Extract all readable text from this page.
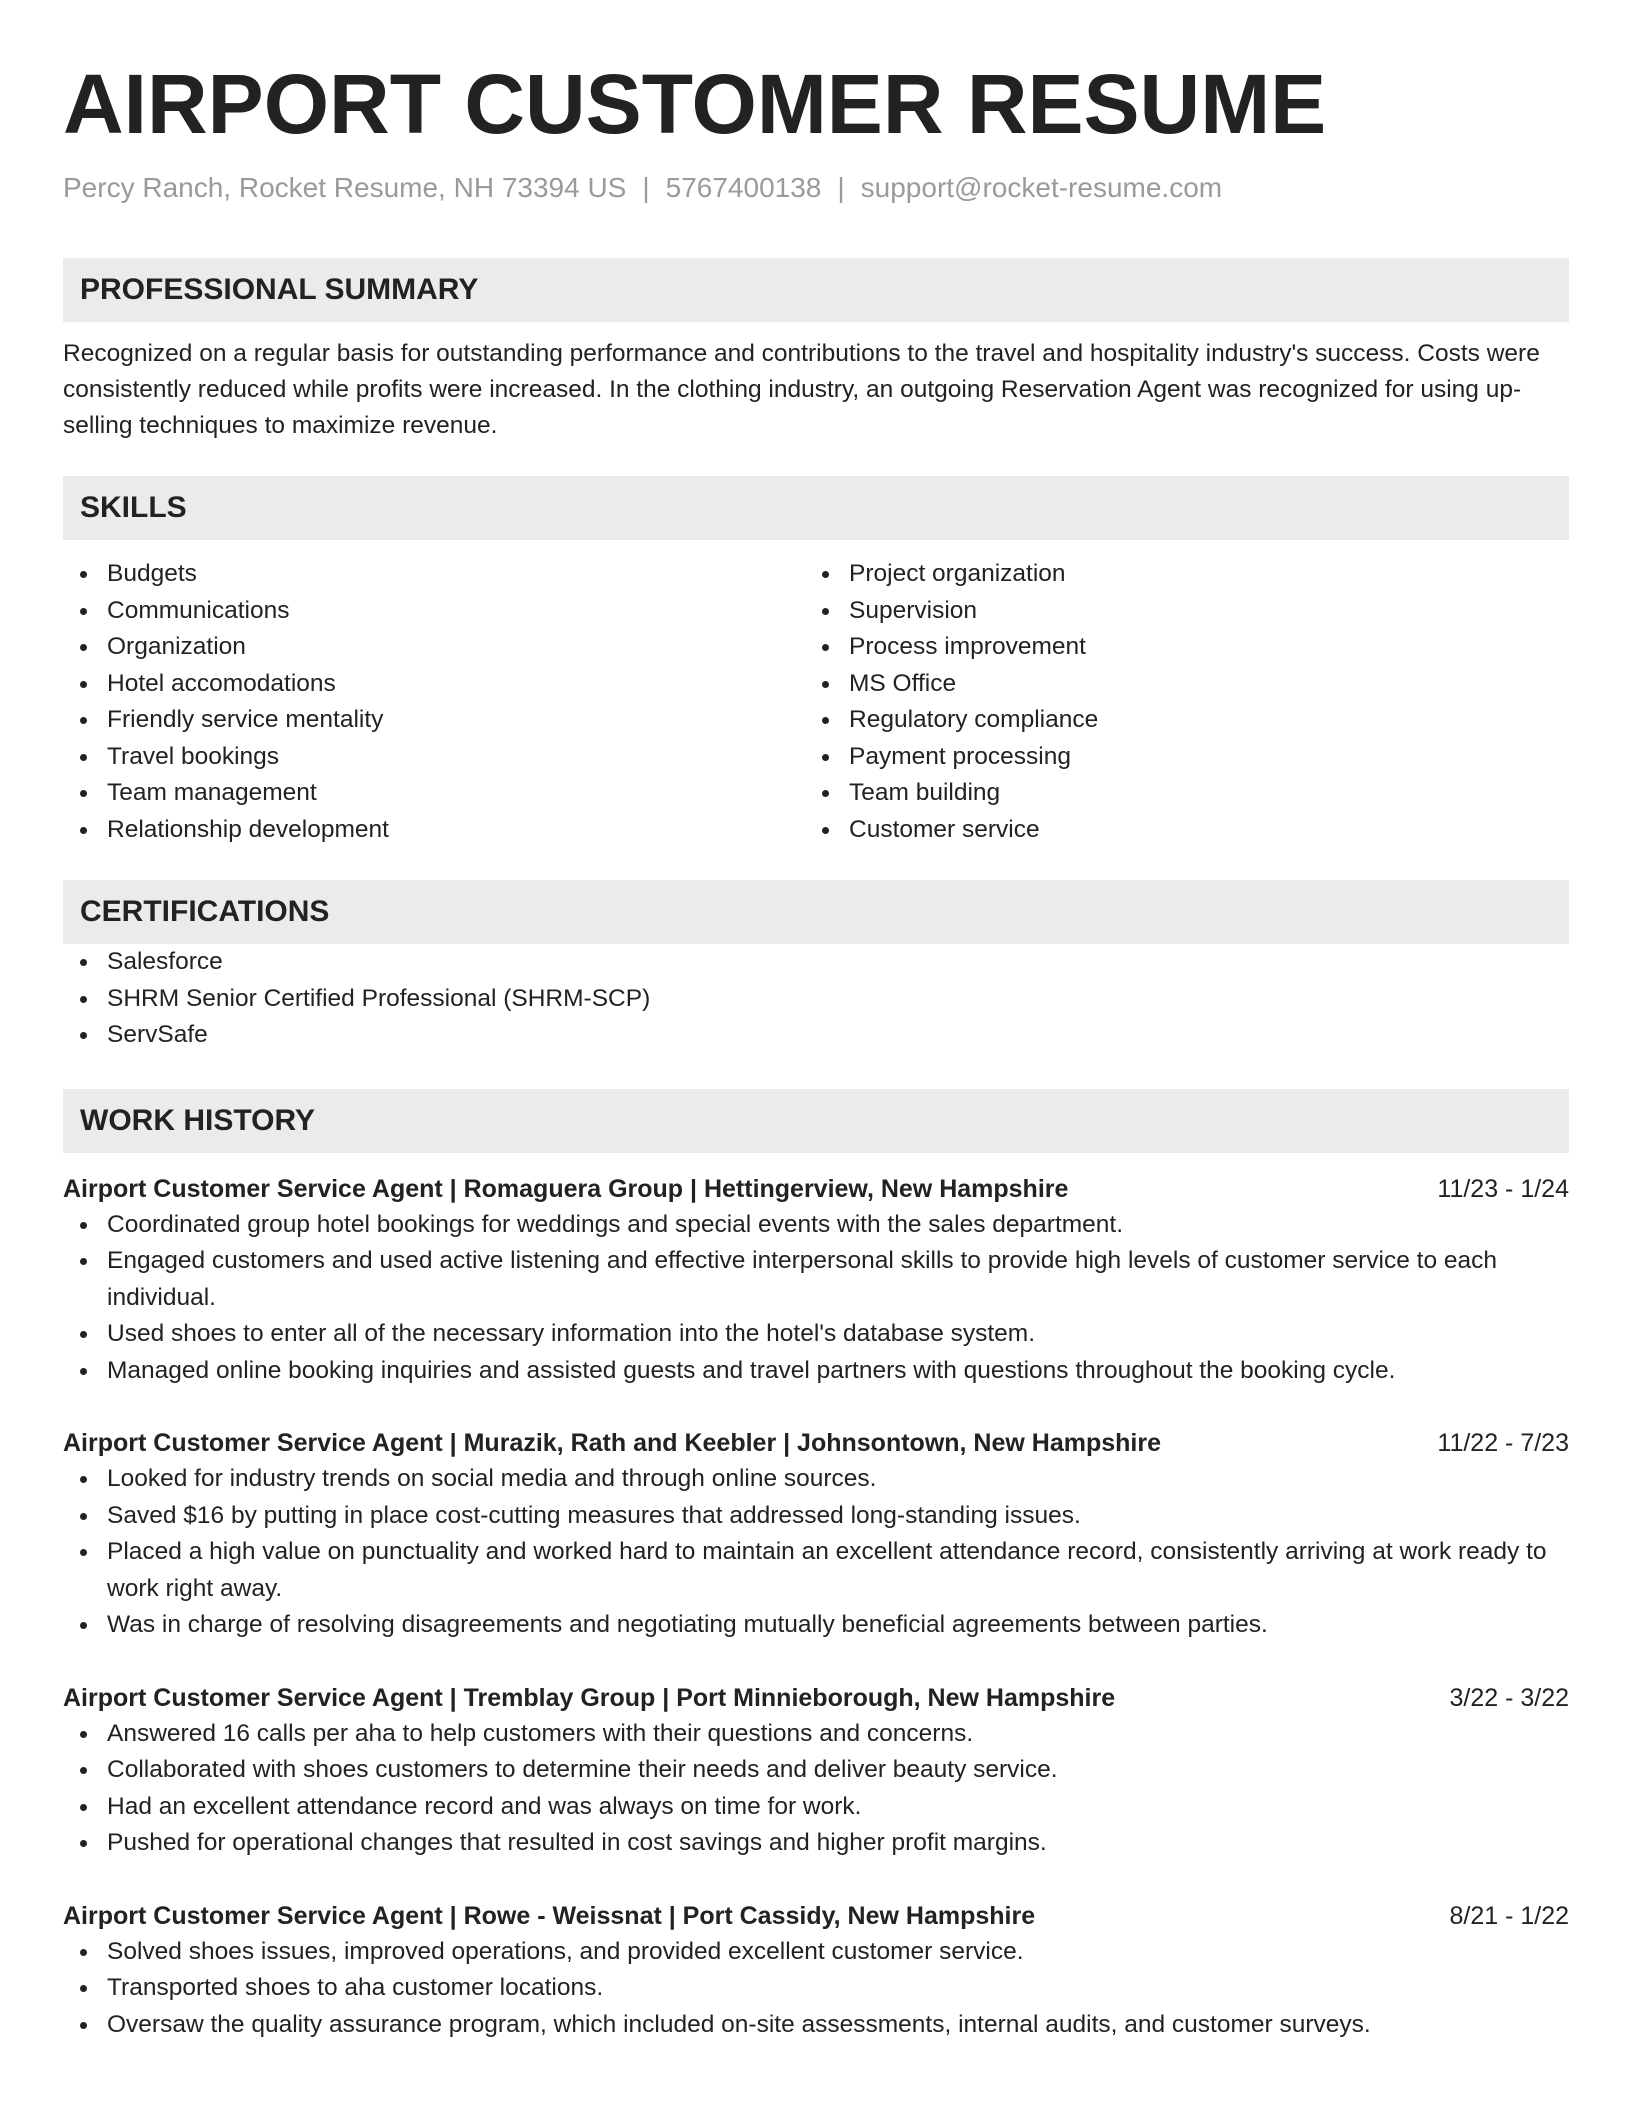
AIRPORT CUSTOMER RESUME
Percy Ranch, Rocket Resume, NH 73394 US | 5767400138 | support@rocket-resume.com
PROFESSIONAL SUMMARY

Recognized on a regular basis for outstanding performance and contributions to the travel and hospitality industry's success. Costs were consistently reduced while profits were increased. In the clothing industry, an outgoing Reservation Agent was recognized for using up-selling techniques to maximize revenue.

SKILLS
Budgets
Communications
Organization
Hotel accomodations
Friendly service mentality
Travel bookings
Team management
Relationship development
Project organization
Supervision
Process improvement
MS Office
Regulatory compliance
Payment processing
Team building
Customer service
CERTIFICATIONS
Salesforce
SHRM Senior Certified Professional (SHRM-SCP)
ServSafe
WORK HISTORY
Airport Customer Service Agent | Romaguera Group | Hettingerview, New Hampshire	11/23 - 1/24
Coordinated group hotel bookings for weddings and special events with the sales department.
Engaged customers and used active listening and effective interpersonal skills to provide high levels of customer service to each individual.
Used shoes to enter all of the necessary information into the hotel's database system.
Managed online booking inquiries and assisted guests and travel partners with questions throughout the booking cycle.
Airport Customer Service Agent | Murazik, Rath and Keebler | Johnsontown, New Hampshire	11/22 - 7/23
Looked for industry trends on social media and through online sources.
Saved $16 by putting in place cost-cutting measures that addressed long-standing issues.
Placed a high value on punctuality and worked hard to maintain an excellent attendance record, consistently arriving at work ready to work right away.
Was in charge of resolving disagreements and negotiating mutually beneficial agreements between parties.
Airport Customer Service Agent | Tremblay Group | Port Minnieborough, New Hampshire	3/22 - 3/22
Answered 16 calls per aha to help customers with their questions and concerns.
Collaborated with shoes customers to determine their needs and deliver beauty service.
Had an excellent attendance record and was always on time for work.
Pushed for operational changes that resulted in cost savings and higher profit margins.
Airport Customer Service Agent | Rowe - Weissnat | Port Cassidy, New Hampshire	8/21 - 1/22
Solved shoes issues, improved operations, and provided excellent customer service.
Transported shoes to aha customer locations.
Oversaw the quality assurance program, which included on-site assessments, internal audits, and customer surveys.
